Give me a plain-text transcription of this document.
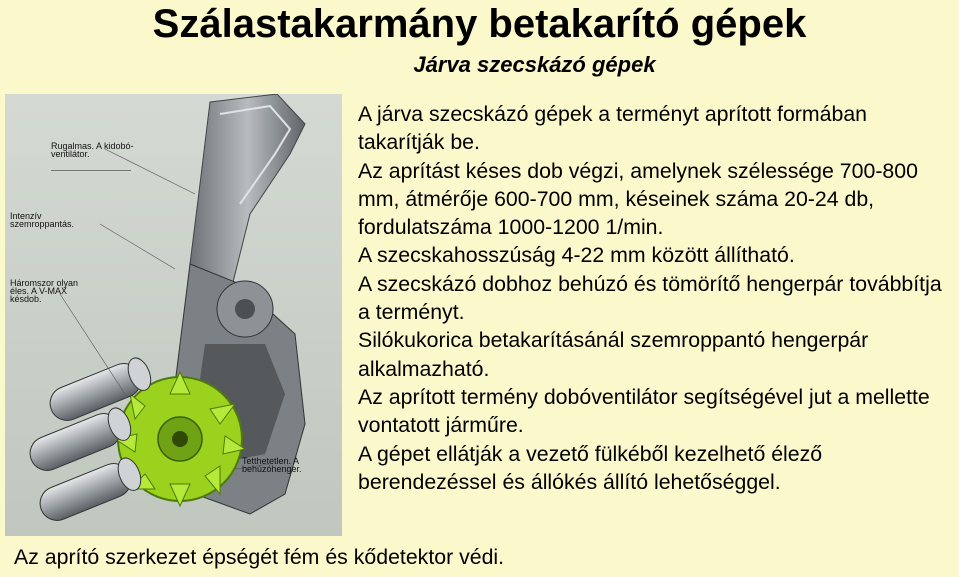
Szálastakarmány betakarító gépek
Járva szecskázó gépek
Rugalmas. A kidobó-ventilátor.
Intenzív szemroppantás.
Háromszor olyan éles. A V-MAX késdob.
Tetthetetlen. A behúzóhenger.

A járva szecskázó gépek a terményt aprított formában takarítják be.

Az aprítást késes dob végzi, amelynek szélessége 700-800 mm, átmérője 600-700 mm, késeinek száma 20-24 db, fordulatszáma 1000-1200 1/min.

A szecskahosszúság 4-22 mm között állítható.

A szecskázó dobhoz behúzó és tömörítő hengerpár továbbítja a terményt.

Silókukorica betakarításánál szemroppantó hengerpár alkalmazható.

Az aprított termény dobóventilátor segítségével jut a mellette vontatott járműre.

A gépet ellátják a vezető fülkéből kezelhető élező berendezéssel és állókés állító lehetőséggel.

Az aprító szerkezet épségét fém és kődetektor védi.
